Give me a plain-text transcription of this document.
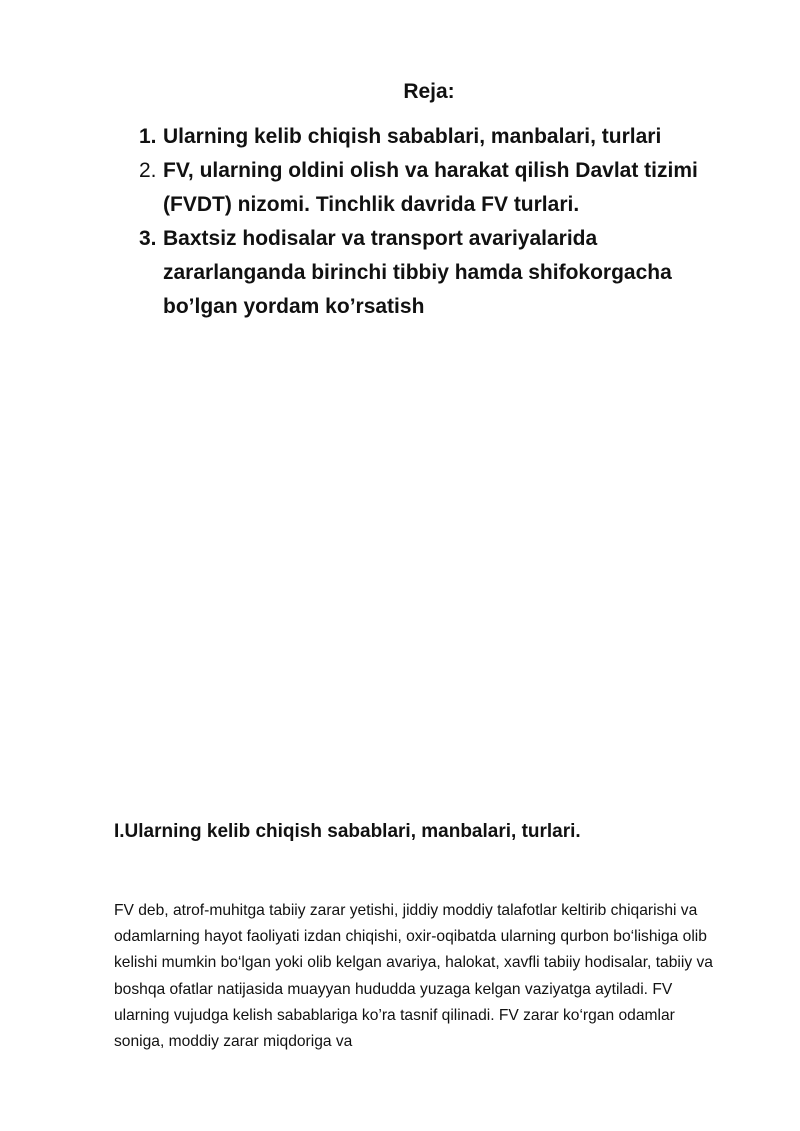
Reja:
1. Ularning kelib chiqish sabablari, manbalari, turlari
2. FV, ularning oldini olish va harakat qilish Davlat tizimi (FVDT) nizomi. Tinchlik davrida FV turlari.
3. Baxtsiz hodisalar va transport avariyalarida zararlanganda birinchi tibbiy hamda shifokorgacha bo’lgan yordam ko’rsatish
I.Ularning kelib chiqish sabablari, manbalari, turlari.

FV deb, atrof-muhitga tabiiy zarar yetishi, jiddiy moddiy talafotlar keltirib chiqarishi va odamlarning hayot faoliyati izdan chiqishi, oxir-oqibatda ularning qurbon bo‘lishiga olib kelishi mumkin bo‘lgan yoki olib kelgan avariya, halokat, xavfli tabiiy hodisalar, tabiiy va boshqa ofatlar natijasida muayyan hududda yuzaga kelgan vaziyatga aytiladi. FV ularning vujudga kelish sabablariga ko’ra tasnif qilinadi. FV zarar ko‘rgan odamlar soniga, moddiy zarar miqdoriga va
